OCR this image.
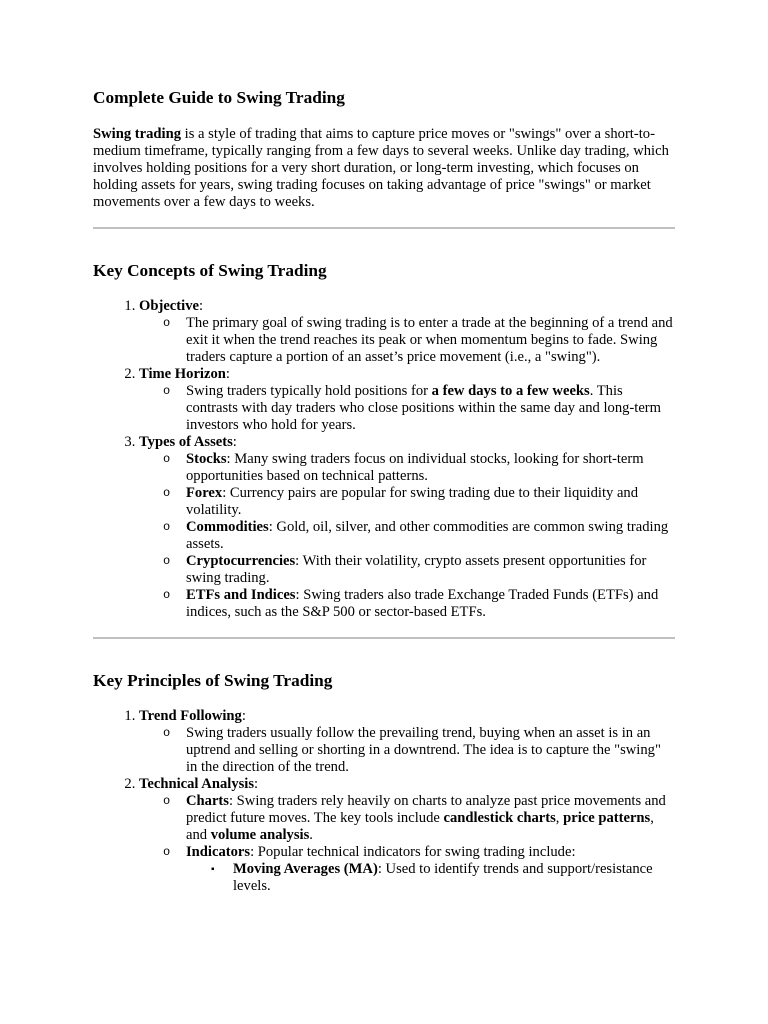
Complete Guide to Swing Trading

Swing trading is a style of trading that aims to capture price moves or "swings" over a short-to-medium timeframe, typically ranging from a few days to several weeks. Unlike day trading, which involves holding positions for a very short duration, or long-term investing, which focuses on holding assets for years, swing trading focuses on taking advantage of price "swings" or market movements over a few days to weeks.

Key Concepts of Swing Trading
1. Objective:
o The primary goal of swing trading is to enter a trade at the beginning of a trend and exit it when the trend reaches its peak or when momentum begins to fade. Swing traders capture a portion of an asset’s price movement (i.e., a "swing").
2. Time Horizon:
o Swing traders typically hold positions for a few days to a few weeks. This contrasts with day traders who close positions within the same day and long-term investors who hold for years.
3. Types of Assets:
o Stocks: Many swing traders focus on individual stocks, looking for short-term opportunities based on technical patterns.
o Forex: Currency pairs are popular for swing trading due to their liquidity and volatility.
o Commodities: Gold, oil, silver, and other commodities are common swing trading assets.
o Cryptocurrencies: With their volatility, crypto assets present opportunities for swing trading.
o ETFs and Indices: Swing traders also trade Exchange Traded Funds (ETFs) and indices, such as the S&P 500 or sector-based ETFs.
Key Principles of Swing Trading
1. Trend Following:
o Swing traders usually follow the prevailing trend, buying when an asset is in an uptrend and selling or shorting in a downtrend. The idea is to capture the "swing" in the direction of the trend.
2. Technical Analysis:
o Charts: Swing traders rely heavily on charts to analyze past price movements and predict future moves. The key tools include candlestick charts, price patterns, and volume analysis.
o Indicators: Popular technical indicators for swing trading include:
▪ Moving Averages (MA): Used to identify trends and support/resistance levels.
